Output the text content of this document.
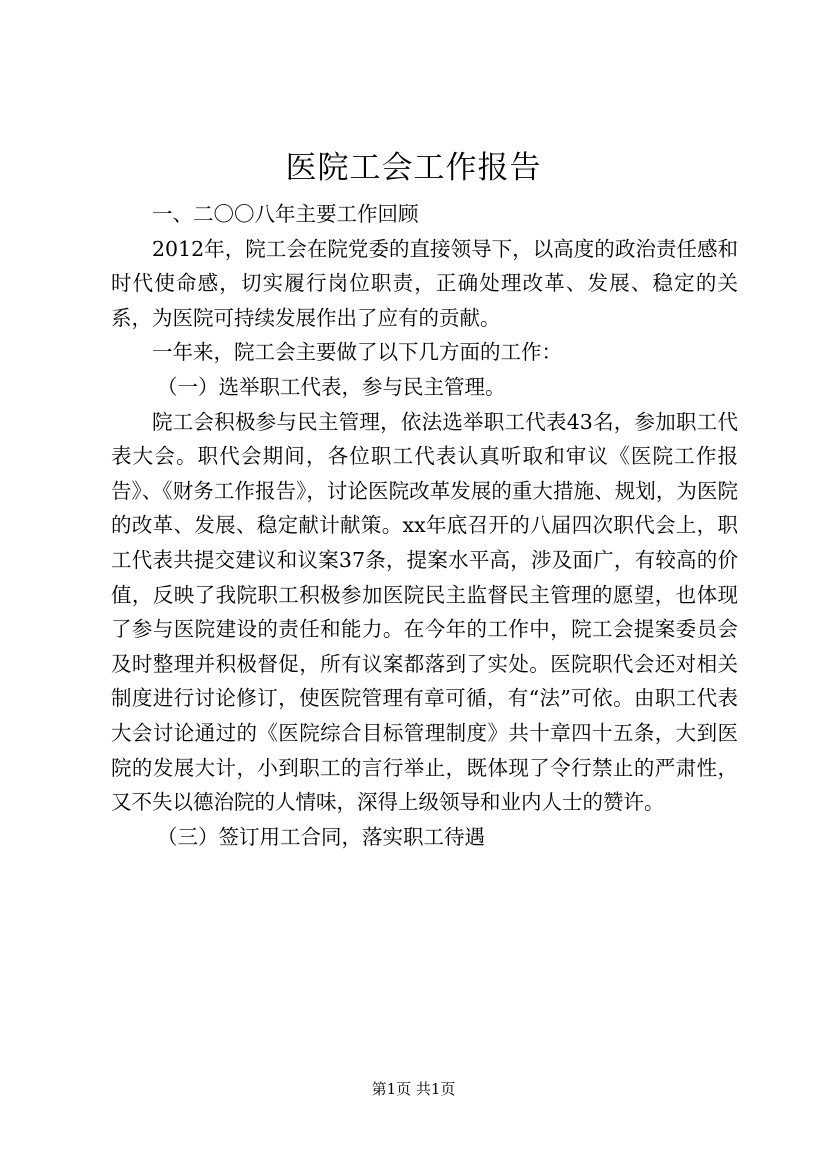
医院工会工作报告

一、二〇〇八年主要工作回顾

2012年，院工会在院党委的直接领导下，以高度的政治责任感和时代使命感，切实履行岗位职责，正确处理改革、发展、稳定的关系，为医院可持续发展作出了应有的贡献。

一年来，院工会主要做了以下几方面的工作：

（一）选举职工代表，参与民主管理。

院工会积极参与民主管理，依法选举职工代表43名，参加职工代表大会。职代会期间，各位职工代表认真听取和审议《医院工作报告》、《财务工作报告》，讨论医院改革发展的重大措施、规划，为医院的改革、发展、稳定献计献策。xx年底召开的八届四次职代会上，职工代表共提交建议和议案37条，提案水平高，涉及面广，有较高的价值，反映了我院职工积极参加医院民主监督民主管理的愿望，也体现了参与医院建设的责任和能力。在今年的工作中，院工会提案委员会及时整理并积极督促，所有议案都落到了实处。医院职代会还对相关制度进行讨论修订，使医院管理有章可循，有“法”可依。由职工代表大会讨论通过的《医院综合目标管理制度》共十章四十五条，大到医院的发展大计，小到职工的言行举止，既体现了令行禁止的严肃性，又不失以德治院的人情味，深得上级领导和业内人士的赞许。

（三）签订用工合同，落实职工待遇

第1页 共1页
